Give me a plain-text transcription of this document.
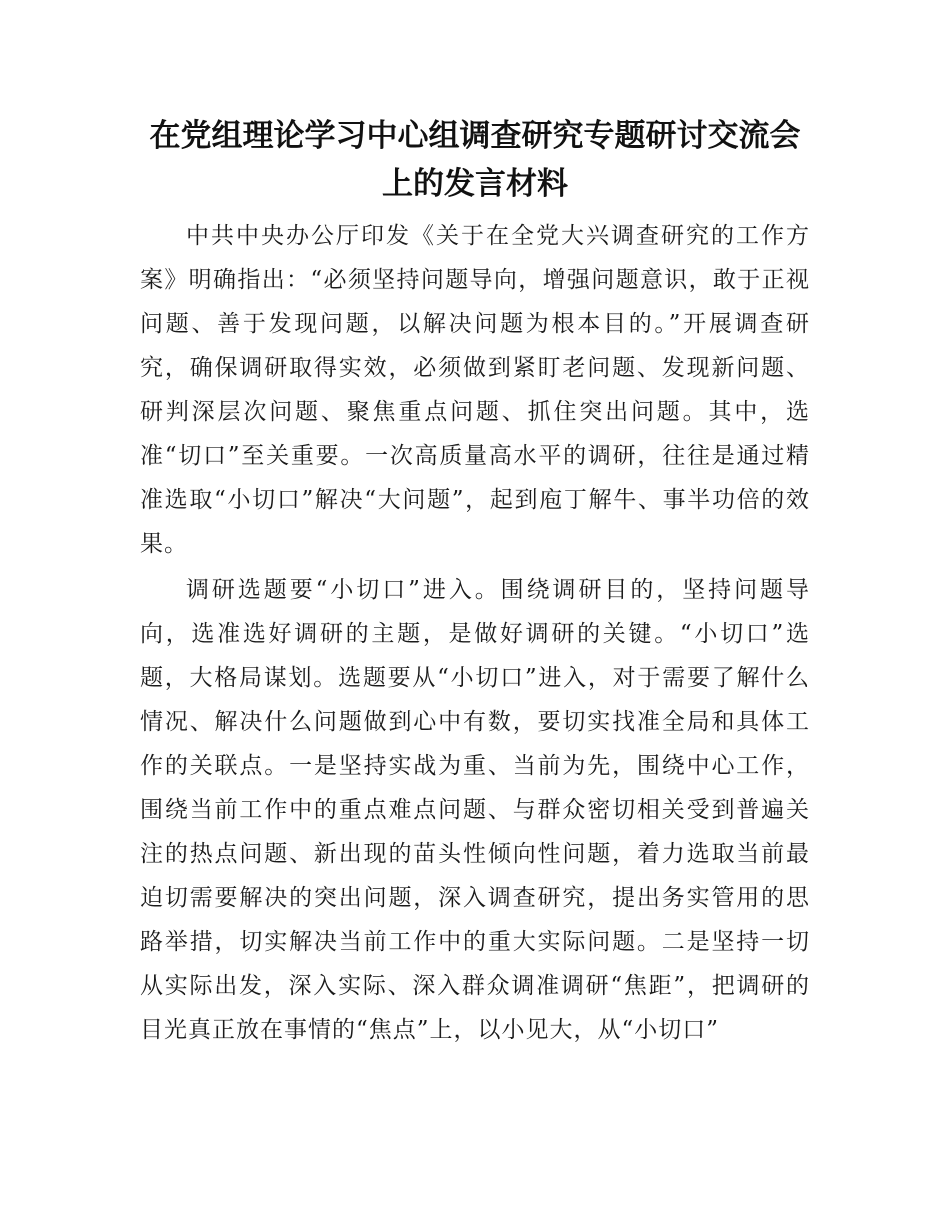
在党组理论学习中心组调查研究专题研讨交流会上的发言材料

中共中央办公厅印发《关于在全党大兴调查研究的工作方案》明确指出：“必须坚持问题导向，增强问题意识，敢于正视问题、善于发现问题，以解决问题为根本目的。”开展调查研究，确保调研取得实效，必须做到紧盯老问题、发现新问题、研判深层次问题、聚焦重点问题、抓住突出问题。其中，选准“切口”至关重要。一次高质量高水平的调研，往往是通过精准选取“小切口”解决“大问题”，起到庖丁解牛、事半功倍的效果。

调研选题要“小切口”进入。围绕调研目的，坚持问题导向，选准选好调研的主题，是做好调研的关键。“小切口”选题，大格局谋划。选题要从“小切口”进入，对于需要了解什么情况、解决什么问题做到心中有数，要切实找准全局和具体工作的关联点。一是坚持实战为重、当前为先，围绕中心工作，围绕当前工作中的重点难点问题、与群众密切相关受到普遍关注的热点问题、新出现的苗头性倾向性问题，着力选取当前最迫切需要解决的突出问题，深入调查研究，提出务实管用的思路举措，切实解决当前工作中的重大实际问题。二是坚持一切从实际出发，深入实际、深入群众调准调研“焦距”，把调研的目光真正放在事情的“焦点”上，以小见大，从“小切口”
